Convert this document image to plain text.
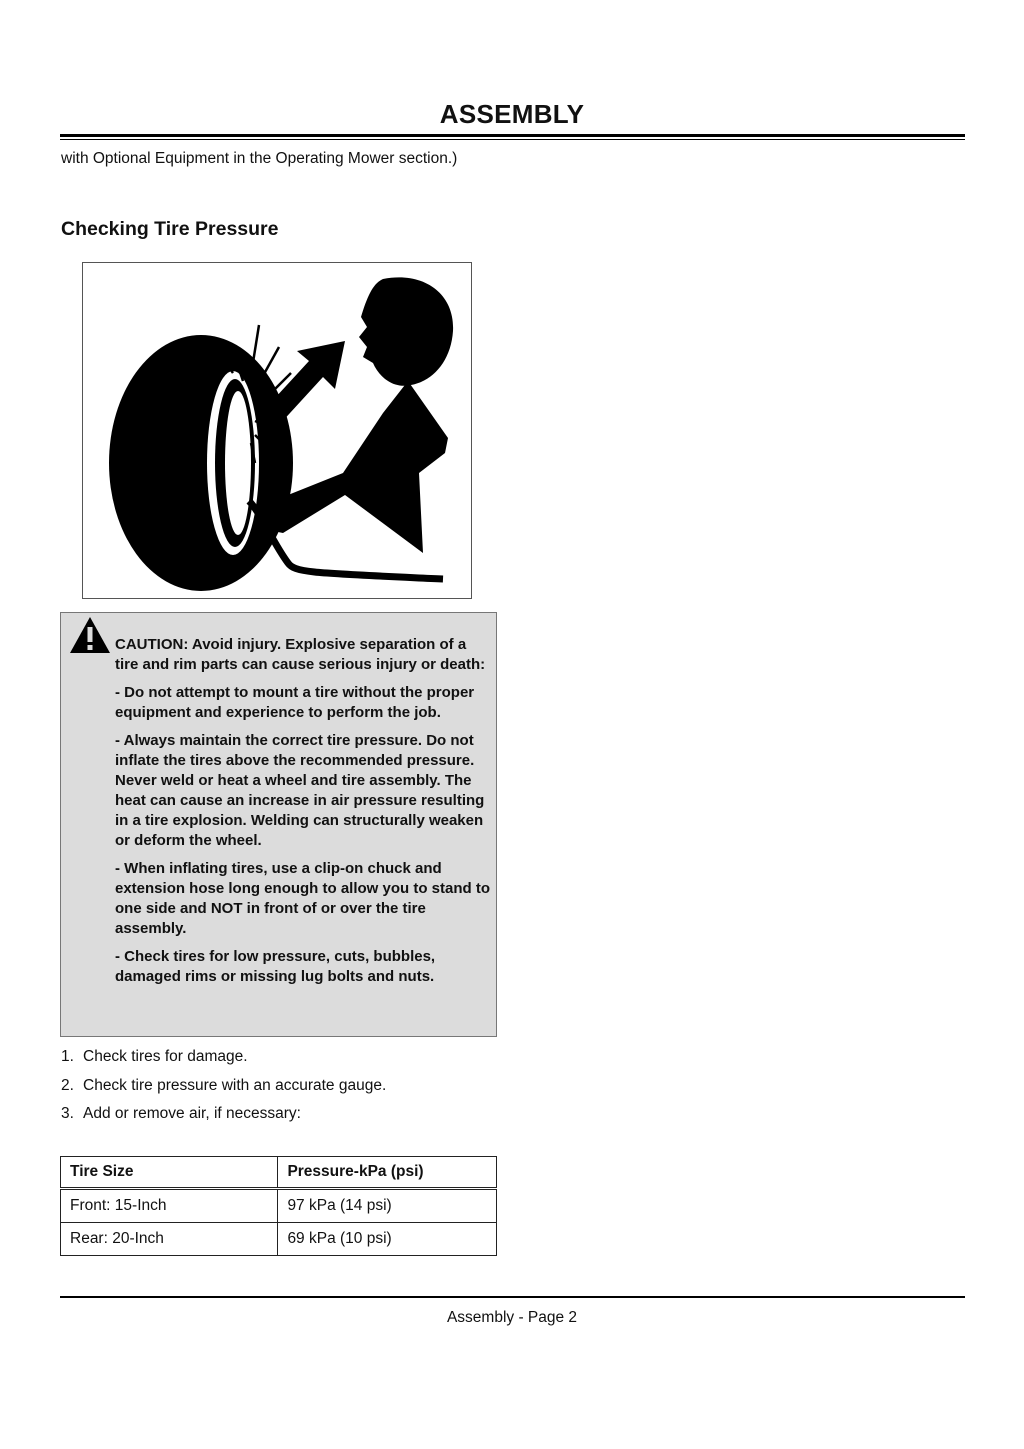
ASSEMBLY
with Optional Equipment in the Operating Mower section.)
Checking Tire Pressure

CAUTION: Avoid injury. Explosive separation of a tire and rim parts can cause serious injury or death:

- Do not attempt to mount a tire without the proper equipment and experience to perform the job.

- Always maintain the correct tire pressure. Do not inflate the tires above the recommended pressure. Never weld or heat a wheel and tire assembly. The heat can cause an increase in air pressure resulting in a tire explosion. Welding can structurally weaken or deform the wheel.

- When inflating tires, use a clip-on chuck and extension hose long enough to allow you to stand to one side and NOT in front of or over the tire assembly.

- Check tires for low pressure, cuts, bubbles, damaged rims or missing lug bolts and nuts.

1. Check tires for damage.
2. Check tire pressure with an accurate gauge.
3. Add or remove air, if necessary:
Tire Size	Pressure-kPa (psi)
Front: 15-Inch	97 kPa (14 psi)
Rear: 20-Inch	69 kPa (10 psi)
Assembly - Page 2
